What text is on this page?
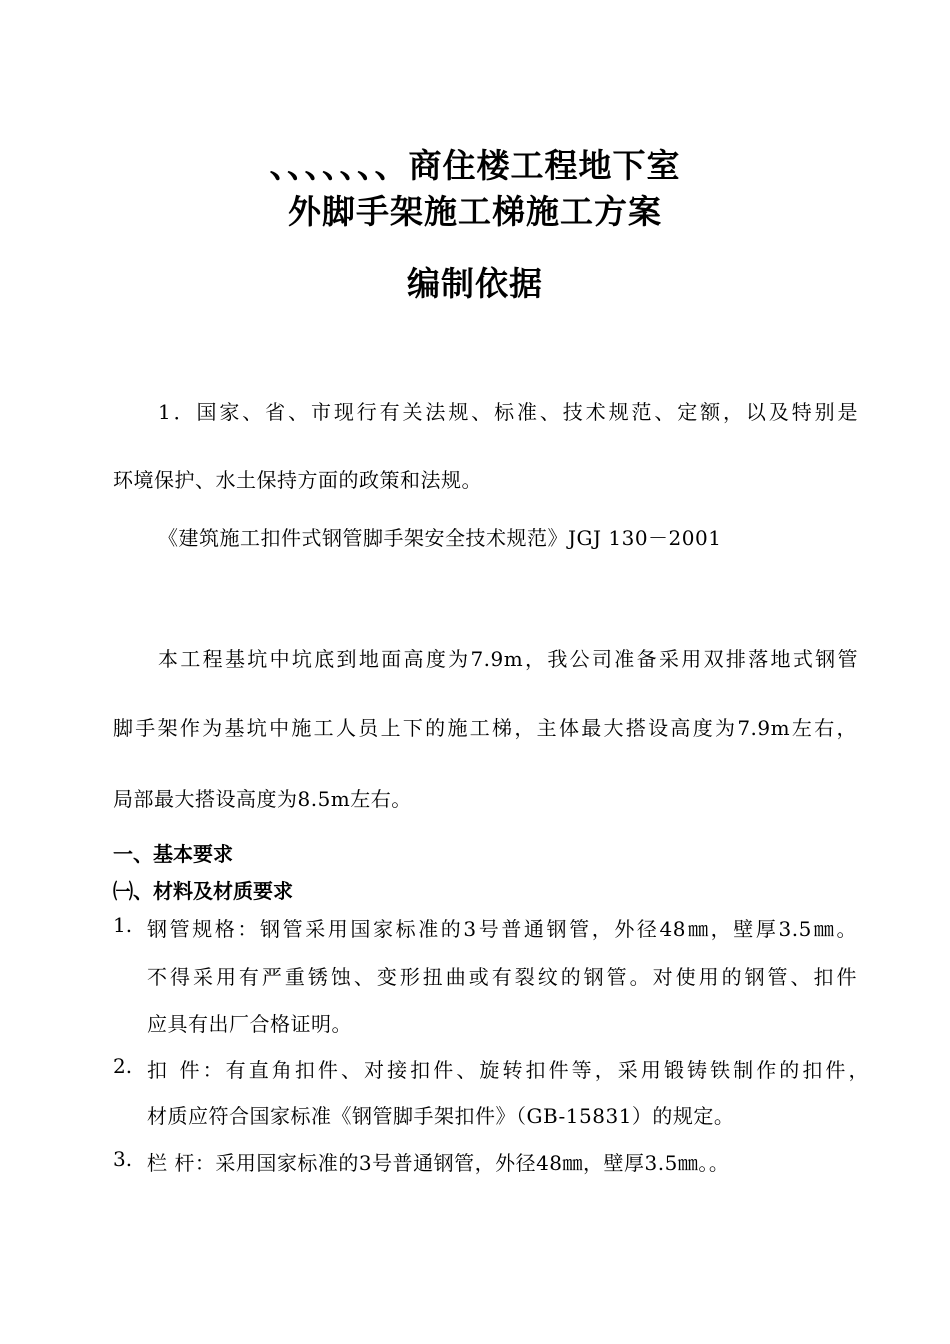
、、、、、、、商住楼工程地下室
外脚手架施工梯施工方案
编制依据
1．国家、省、市现行有关法规、标准、技术规范、定额，以及特别是
环境保护、水土保持方面的政策和法规。
《建筑施工扣件式钢管脚手架安全技术规范》JGJ 130－2001
本工程基坑中坑底到地面高度为7.9m，我公司准备采用双排落地式钢管
脚手架作为基坑中施工人员上下的施工梯，主体最大搭设高度为7.9m左右，
局部最大搭设高度为8.5m左右。
一、基本要求
㈠、材料及材质要求
1. 钢管规格：钢管采用国家标准的3号普通钢管，外径48㎜，壁厚3.5㎜。
不得采用有严重锈蚀、变形扭曲或有裂纹的钢管。对使用的钢管、扣件
应具有出厂合格证明。
2. 扣 件：有直角扣件、对接扣件、旋转扣件等，采用锻铸铁制作的扣件，
材质应符合国家标准《钢管脚手架扣件》（GB-15831）的规定。
3. 栏 杆：采用国家标准的3号普通钢管，外径48㎜，壁厚3.5㎜。。
